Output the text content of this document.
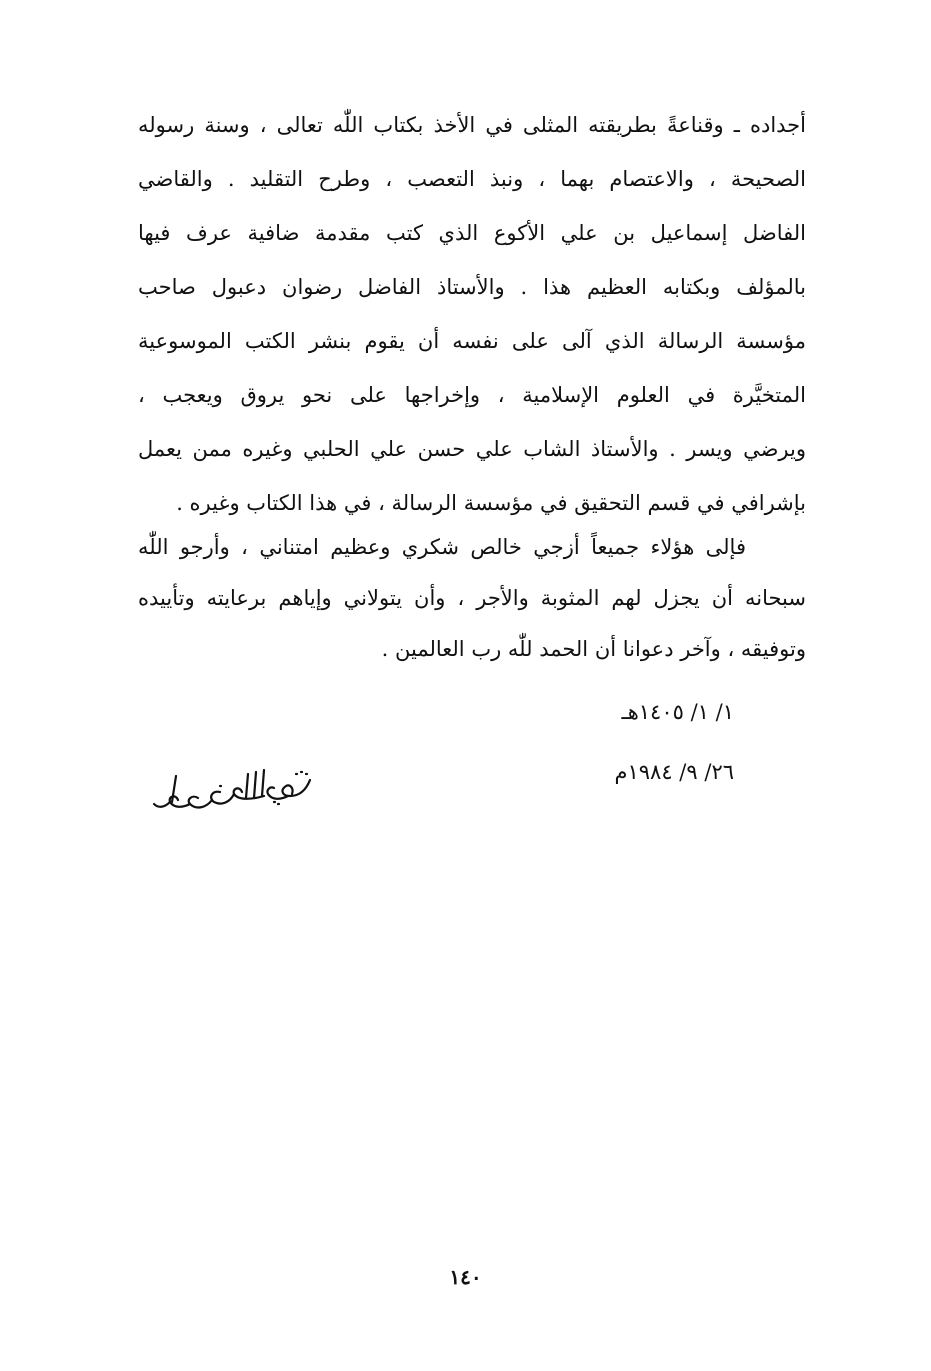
أجداده ـ وقناعةً بطريقته المثلى في الأخذ بكتاب اللّٰه تعالى ، وسنة رسوله
الصحيحة ، والاعتصام بهما ، ونبذ التعصب ، وطرح التقليد . والقاضي
الفاضل إسماعيل بن علي الأكوع الذي كتب مقدمة ضافية عرف فيها
بالمؤلف وبكتابه العظيم هذا . والأستاذ الفاضل رضوان دعبول صاحب
مؤسسة الرسالة الذي آلى على نفسه أن يقوم بنشر الكتب الموسوعية
المتخيَّرة في العلوم الإسلامية ، وإخراجها على نحو يروق ويعجب ،
ويرضي ويسر . والأستاذ الشاب علي حسن علي الحلبي وغيره ممن يعمل
بإشرافي في قسم التحقيق في مؤسسة الرسالة ، في هذا الكتاب وغيره .
فإلى هؤلاء جميعاً أزجي خالص شكري وعظيم امتناني ، وأرجو اللّٰه
سبحانه أن يجزل لهم المثوبة والأجر ، وأن يتولاني وإياهم برعايته وتأييده
وتوفيقه ، وآخر دعوانا أن الحمد للّٰه رب العالمين .
١/ ١/ ١٤٠٥هـ
٢٦/ ٩/ ١٩٨٤م
١٤٠
